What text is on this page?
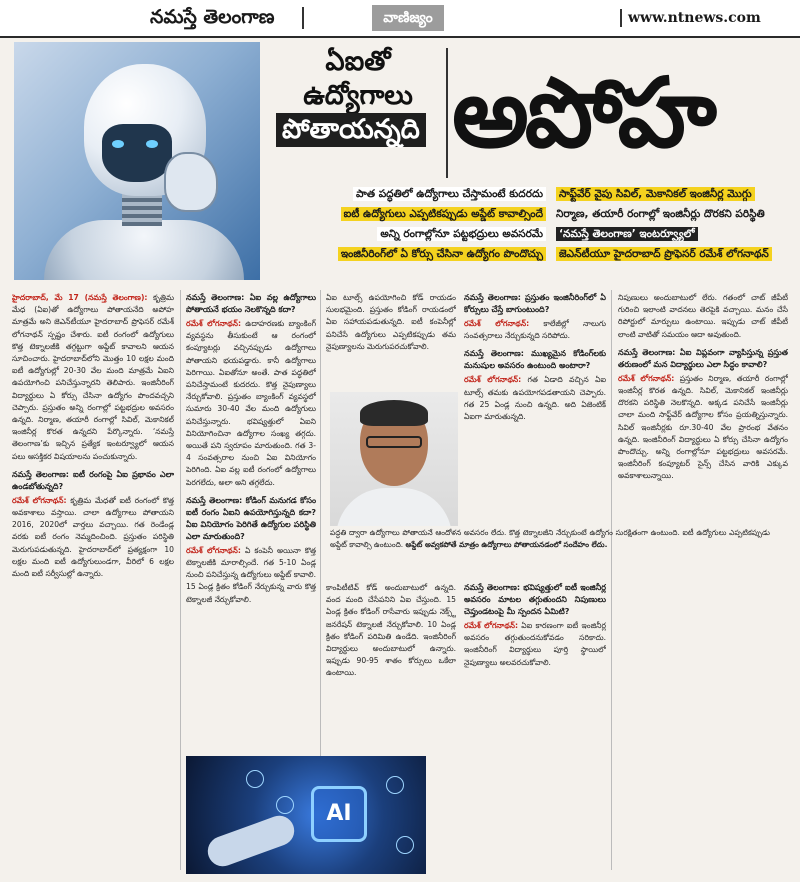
నమస్తే తెలంగాణ	వాణిజ్యం	www.ntnews.com
ఏఐతో
ఉద్యోగాలు
పోతాయన్నది అపోహ
పాత పద్ధతిలో ఉద్యోగాలు చేస్తామంటే కుదరదు
ఐటీ ఉద్యోగులు ఎప్పటికప్పుడు అప్డేట్ కావాల్సిందే
అన్ని రంగాల్లోనూ పట్టభద్రులు అవసరమే
ఇంజినీరింగ్‌లో ఏ కోర్సు చేసినా ఉద్యోగం పొందొచ్చు
సాఫ్ట్‌వేర్ వైపు సివిల్, మెకానికల్ ఇంజినీర్ల మొగ్గు
నిర్మాణ, తయారీ రంగాల్లో ఇంజినీర్లు దొరకని పరిస్థితి
‘నమస్తే తెలంగాణ’ ఇంటర్వ్యూలో
జెఎన్‌టీయూ హైదరాబాద్ ప్రొఫెసర్ రమేశ్ లోగనాథన్

హైదరాబాద్, మే 17 (నమస్తే తెలంగాణ): కృత్రిమ మేధ (ఏఐ)తో ఉద్యోగాలు పోతాయనేది అపోహ మాత్రమే అని జెఎన్‌టీయూ హైదరాబాద్ ప్రొఫెసర్ రమేశ్ లోగనాథన్ స్పష్టం చేశారు. ఐటీ రంగంలో ఉద్యోగులు కొత్త టెక్నాలజీకి తగ్గట్టుగా అప్డేట్ కావాలని ఆయన సూచించారు. హైదరాబాద్‌లోని మొత్తం 10 లక్షల మంది ఐటీ ఉద్యోగుల్లో 20-30 వేల మంది మాత్రమే ఏఐని ఉపయోగించి పనిచేస్తున్నారని తెలిపారు. ఇంజినీరింగ్ విద్యార్థులు ఏ కోర్సు చేసినా ఉద్యోగం పొందవచ్చని చెప్పారు. ప్రస్తుతం అన్ని రంగాల్లో పట్టభద్రుల అవసరం ఉన్నది. నిర్మాణ, తయారీ రంగాల్లో సివిల్, మెకానికల్ ఇంజినీర్ల కొరత ఉన్నదని పేర్కొన్నారు. ‘నమస్తే తెలంగాణ’కు ఇచ్చిన ప్రత్యేక ఇంటర్వ్యూలో ఆయన పలు ఆసక్తికర విషయాలను పంచుకున్నారు.

నమస్తే తెలంగాణ: ఐటీ రంగంపై ఏఐ ప్రభావం ఎలా ఉండబోతున్నది?

రమేశ్ లోగనాథన్: కృత్రిమ మేధతో ఐటీ రంగంలో కొత్త అవకాశాలు వస్తాయి. చాలా ఉద్యోగాలు పోతాయని 2016, 2020లో వార్తలు వచ్చాయి. గత రెండేండ్ల వరకు ఐటీ రంగం నెమ్మదించింది. ప్రస్తుతం పరిస్థితి మెరుగుపడుతున్నది. హైదరాబాద్‌లో ప్రత్యక్షంగా 10 లక్షల మంది ఐటీ ఉద్యోగులుండగా, వీరిలో 6 లక్షల మంది ఐటీ సర్వీసుల్లో ఉన్నారు.

నమస్తే తెలంగాణ: ఏఐ వల్ల ఉద్యోగాలు పోతాయనే భయం నెలకొన్నది కదా?

రమేశ్ లోగనాథన్: ఉదాహరణకు బ్యాంకింగ్ వ్యవస్థను తీసుకుంటే ఆ రంగంలో కంప్యూటర్లు వచ్చినప్పుడు ఉద్యోగాలు పోతాయని భయపడ్డారు. కానీ ఉద్యోగాలు పెరిగాయి. ఏఐతోనూ అంతే. పాత పద్ధతిలో పనిచేస్తామంటే కుదరదు. కొత్త నైపుణ్యాలు నేర్చుకోవాలి. ప్రస్తుతం బ్యాంకింగ్ వ్యవస్థలో సుమారు 30-40 వేల మంది ఉద్యోగులు పనిచేస్తున్నారు. భవిష్యత్తులో ఏఐని వినియోగించినా ఉద్యోగాల సంఖ్య తగ్గదు. అయితే పని స్వరూపం మారుతుంది. గత 3-4 సంవత్సరాల నుంచి ఏఐ వినియోగం పెరిగింది. ఏఐ వల్ల ఐటీ రంగంలో ఉద్యోగాలు పెరగలేదు, అలా అని తగ్గలేదు.

నమస్తే తెలంగాణ: కోడింగ్ మనుగడ కోసం ఐటీ రంగం ఏఐని ఉపయోగిస్తున్నది కదా? ఏఐ వినియోగం పెరిగితే ఉద్యోగుల పరిస్థితి ఎలా మారుతుంది?

రమేశ్ లోగనాథన్: ఏ కంపెనీ అయినా కొత్త టెక్నాలజీకి మారాల్సిందే. గత 5-10 ఏండ్ల నుంచి పనిచేస్తున్న ఉద్యోగులు అప్డేట్ కావాలి. 15 ఏండ్ల క్రితం కోడింగ్ నేర్చుకున్న వారు కొత్త టెక్నాలజీ నేర్చుకోవాలి.

ఏఐ టూల్స్ ఉపయోగించి కోడ్ రాయడం సులభమైంది. ప్రస్తుతం కోడింగ్ రాయడంలో ఏఐ సహాయపడుతున్నది. ఐటీ కంపెనీల్లో పనిచేసే ఉద్యోగులు ఎప్పటికప్పుడు తమ నైపుణ్యాలను మెరుగుపరచుకోవాలి.

నమస్తే తెలంగాణ: ప్రస్తుతం ఇంజినీరింగ్‌లో ఏ కోర్సులు చేస్తే బాగుంటుంది?

రమేశ్ లోగనాథన్: కాలేజీల్లో నాలుగు సంవత్సరాలు నేర్చుకున్నది సరిపోదు.

నమస్తే తెలంగాణ: ముఖ్యమైన కోడింగ్‌లకు మనుషుల అవసరం ఉంటుంది అంటారా?

రమేశ్ లోగనాథన్: గత ఏడాది వచ్చిన ఏఐ టూల్స్ తమకు ఉపయోగపడతాయని చెప్పారు. గత 25 ఏండ్ల నుంచి ఉన్నది. అది ఏజెంటిక్ ఏఐగా మారుతున్నది.

పద్ధతి ద్వారా ఉద్యోగాలు పోతాయనే ఆందోళన అవసరం లేదు. కొత్త టెక్నాలజీని నేర్చుకుంటే ఉద్యోగం సురక్షితంగా ఉంటుంది. ఐటీ ఉద్యోగులు ఎప్పటికప్పుడు అప్డేట్ కావాల్సి ఉంటుంది. అప్డేట్ అవ్వకపోతే మాత్రం ఉద్యోగాలు పోతాయనడంలో సందేహం లేదు.

కాంపిటీటివ్ కోడ్ అందుబాటులో ఉన్నది. వంద మంది చేసేపనిని ఏఐ చేస్తుంది. 15 ఏండ్ల క్రితం కోడింగ్ రాసేవారు ఇప్పుడు నెక్స్ట్ జనరేషన్ టెక్నాలజీ నేర్చుకోవాలి. 10 ఏండ్ల క్రితం కోడింగ్ పరిమితి ఉండేది. ఇంజినీరింగ్ విద్యార్థులు అందుబాటులో ఉన్నారు. ఇప్పుడు 90-95 శాతం కోర్సులు ఒకేలా ఉంటాయి.

నమస్తే తెలంగాణ: భవిష్యత్తులో ఐటీ ఇంజినీర్ల అవసరం మాటల తగ్గుతుందని నిపుణులు చెప్తుండటంపై మీ స్పందన ఏమిటి?

రమేశ్ లోగనాథన్: ఏఐ కారణంగా ఐటీ ఇంజినీర్ల అవసరం తగ్గుతుందనుకోవడం సరికాదు. ఇంజినీరింగ్ విద్యార్థులు పూర్తి స్థాయిలో నైపుణ్యాలు అలవరచుకోవాలి.

నిపుణులు అందుబాటులో లేరు. గతంలో చాట్ జీపీటీ గురించి ఇలాంటి వాదనలు తెరపైకి వచ్చాయి. మనం చేసే రిపోర్టులో మార్పులు ఉంటాయి. ఇప్పుడు చాట్ జీపీటీ లాంటి వాటితో సమయం ఆదా అవుతుంది.

నమస్తే తెలంగాణ: ఏఐ విప్లవంగా వ్యాపిస్తున్న ప్రస్తుత తరుణంలో మన విద్యార్థులు ఎలా సిద్ధం కావాలి?

రమేశ్ లోగనాథన్: ప్రస్తుతం నిర్మాణ, తయారీ రంగాల్లో ఇంజినీర్ల కొరత ఉన్నది. సివిల్, మెకానికల్ ఇంజినీర్లు దొరకని పరిస్థితి నెలకొన్నది. అక్కడ పనిచేసే ఇంజినీర్లు చాలా మంది సాఫ్ట్‌వేర్ ఉద్యోగాల కోసం ప్రయత్నిస్తున్నారు. సివిల్ ఇంజినీర్లకు రూ.30-40 వేల ప్రారంభ వేతనం ఉన్నది. ఇంజినీరింగ్ విద్యార్థులు ఏ కోర్సు చేసినా ఉద్యోగం పొందొచ్చు. అన్ని రంగాల్లోనూ పట్టభద్రులు అవసరమే. ఇంజినీరింగ్ కంప్యూటర్ సైన్స్ చేసిన వారికి ఎక్కువ అవకాశాలున్నాయి.

AI
